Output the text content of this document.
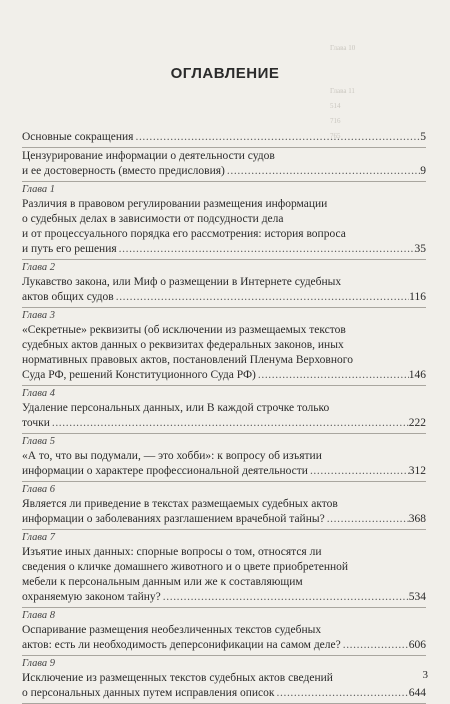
Глава 10
Глава 11
514
716
765
ОГЛАВЛЕНИЕ
Основные сокращения .....	5
Цензурирование информации о деятельности судов
и ее достоверность (вместо предисловия) .....	9
Глава 1
Различия в правовом регулировании размещения информации
о судебных делах в зависимости от подсудности дела
и от процессуального порядка его рассмотрения: история вопроса
и путь его решения .....	35
Глава 2
Лукавство закона, или Миф о размещении в Интернете судебных
актов общих судов .....	116
Глава 3
«Секретные» реквизиты (об исключении из размещаемых текстов
судебных актов данных о реквизитах федеральных законов, иных
нормативных правовых актов, постановлений Пленума Верховного
Суда РФ, решений Конституционного Суда РФ) .....	146
Глава 4
Удаление персональных данных, или В каждой строчке только
точки .....	222
Глава 5
«А то, что вы подумали, — это хобби»: к вопросу об изъятии
информации о характере профессиональной деятельности .....	312
Глава 6
Является ли приведение в текстах размещаемых судебных актов
информации о заболеваниях разглашением врачебной тайны? .....	368
Глава 7
Изъятие иных данных: спорные вопросы о том, относятся ли
сведения о кличке домашнего животного и о цвете приобретенной
мебели к персональным данным или же к составляющим
охраняемую законом тайну? .....	534
Глава 8
Оспаривание размещения необезличенных текстов судебных
актов: есть ли необходимость деперсонификации на самом деле? .....	606
Глава 9
Исключение из размещенных текстов судебных актов сведений
о персональных данных путем исправления описок .....	644
3
